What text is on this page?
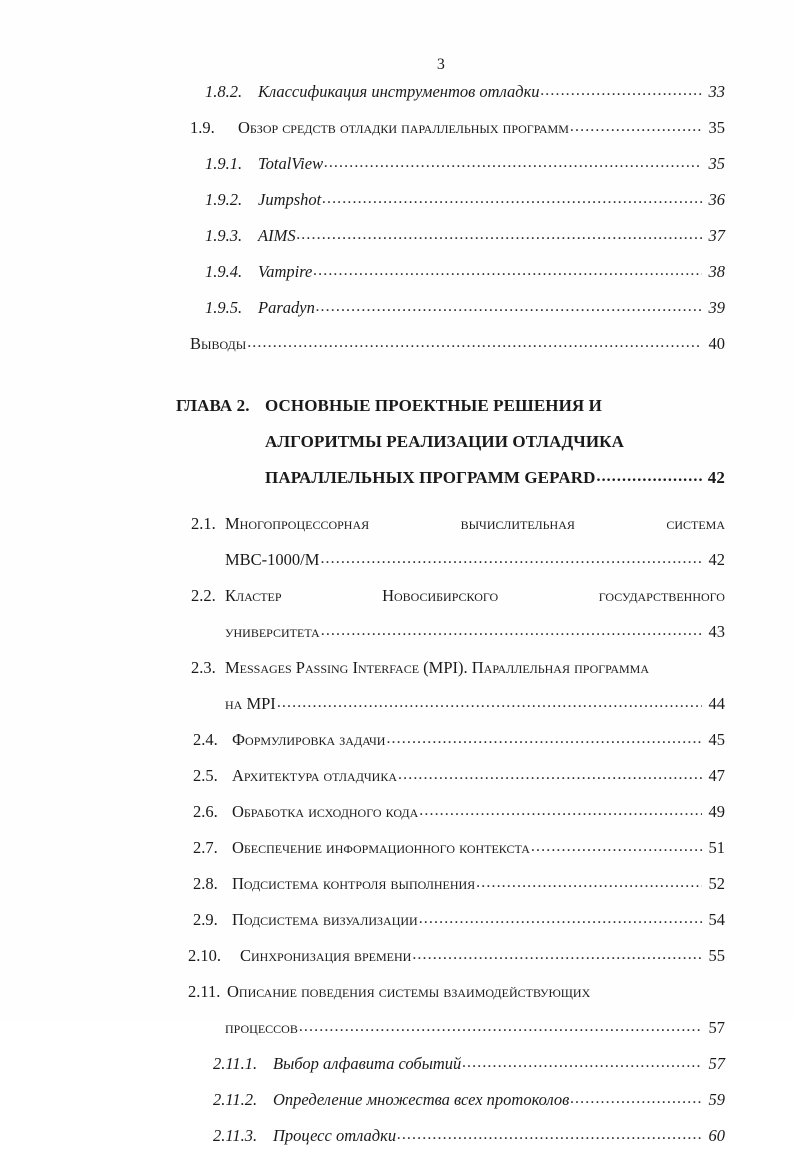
3
1.8.2. Классификация инструментов отладки .....	33
1.9.	Обзор средств отладки параллельных программ .....	35
1.9.1. TotalView .....	35
1.9.2. Jumpshot .....	36
1.9.3. AIMS .....	37
1.9.4. Vampire .....	38
1.9.5. Paradyn .....	39
Выводы .....	40
ГЛАВА 2. ОСНОВНЫЕ ПРОЕКТНЫЕ РЕШЕНИЯ И
АЛГОРИТМЫ РЕАЛИЗАЦИИ ОТЛАДЧИКА
ПАРАЛЛЕЛЬНЫХ ПРОГРАММ GEPARD .....	42
2.1. Многопроцессорная	вычислительная	система
МВС-1000/М .....	42
2.2. Кластер	Новосибирского	государственного
университета .....	43
2.3. Messages Passing Interface (MPI). Параллельная программа
на MPI .....	44
2.4. Формулировка задачи .....	45
2.5. Архитектура отладчика .....	47
2.6. Обработка исходного кода .....	49
2.7. Обеспечение информационного контекста .....	51
2.8. Подсистема контроля выполнения .....	52
2.9. Подсистема визуализации .....	54
2.10.	Синхронизация времени .....	55
2.11. Описание поведения системы взаимодействующих
процессов .....	57
2.11.1. Выбор алфавита событий .....	57
2.11.2. Определение множества всех протоколов .....	59
2.11.3. Процесс отладки .....	60
